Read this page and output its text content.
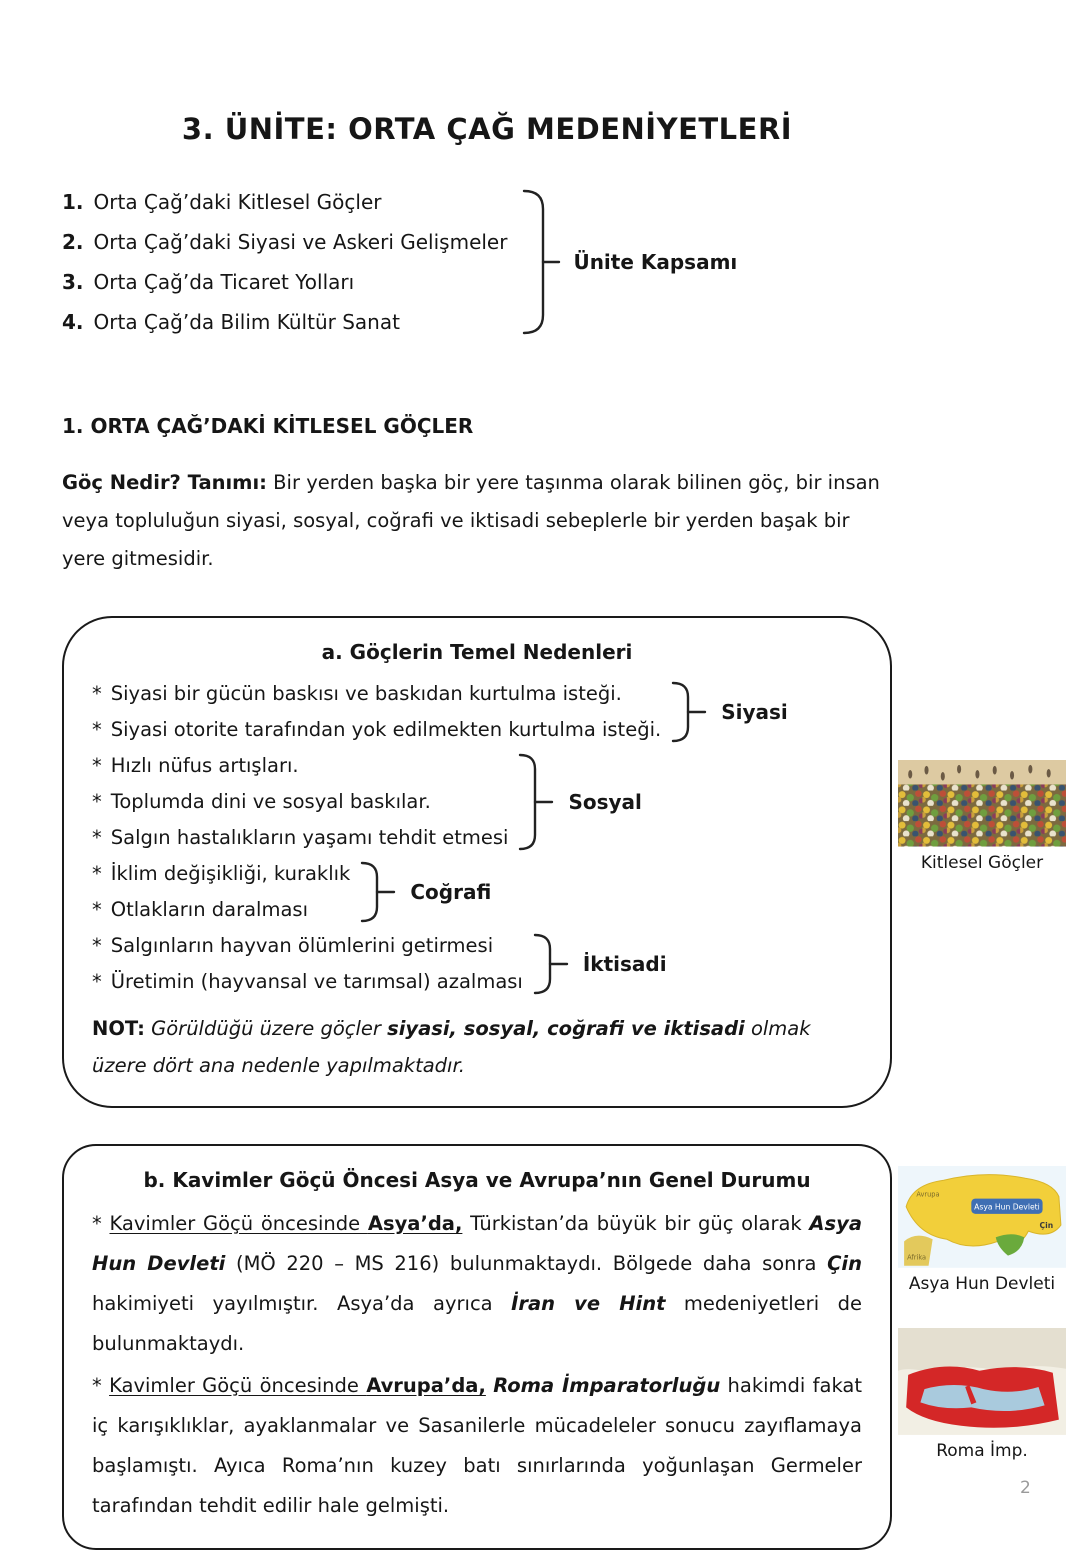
3. ÜNİTE: ORTA ÇAĞ MEDENİYETLERİ
1. Orta Çağ’daki Kitlesel Göçler
2. Orta Çağ’daki Siyasi ve Askeri Gelişmeler
3. Orta Çağ’da Ticaret Yolları
4. Orta Çağ’da Bilim Kültür Sanat
Ünite Kapsamı
1. ORTA ÇAĞ’DAKİ KİTLESEL GÖÇLER

Göç Nedir? Tanımı: Bir yerden başka bir yere taşınma olarak bilinen göç, bir insan veya topluluğun siyasi, sosyal, coğrafi ve iktisadi sebeplerle bir yerden başak bir yere gitmesidir.

a. Göçlerin Temel Nedenleri
* Siyasi bir gücün baskısı ve baskıdan kurtulma isteği.
* Siyasi otorite tarafından yok edilmekten kurtulma isteği.
Siyasi
* Hızlı nüfus artışları.
* Toplumda dini ve sosyal baskılar.
* Salgın hastalıkların yaşamı tehdit etmesi
Sosyal
* İklim değişikliği, kuraklık
* Otlakların daralması
Coğrafi
* Salgınların hayvan ölümlerini getirmesi
* Üretimin (hayvansal ve tarımsal) azalması
İktisadi

NOT: Görüldüğü üzere göçler siyasi, sosyal, coğrafi ve iktisadi olmak üzere dört ana nedenle yapılmaktadır.

b. Kavimler Göçü Öncesi Asya ve Avrupa’nın Genel Durumu

* Kavimler Göçü öncesinde Asya’da, Türkistan’da büyük bir güç olarak Asya Hun Devleti (MÖ 220 – MS 216) bulunmaktaydı. Bölgede daha sonra Çin hakimiyeti yayılmıştır. Asya’da ayrıca İran ve Hint medeniyetleri de bulunmaktaydı.

* Kavimler Göçü öncesinde Avrupa’da, Roma İmparatorluğu hakimdi fakat iç karışıklıklar, ayaklanmalar ve Sasanilerle mücadeleler sonucu zayıflamaya başlamıştı. Ayıca Roma’nın kuzey batı sınırlarında yoğunlaşan Germeler tarafından tehdit edilir hale gelmişti.

Kitlesel Göçler
Asya Hun Devleti
Avrupa
Çin
Afrika
Asya Hun Devleti
Roma İmp.
2
